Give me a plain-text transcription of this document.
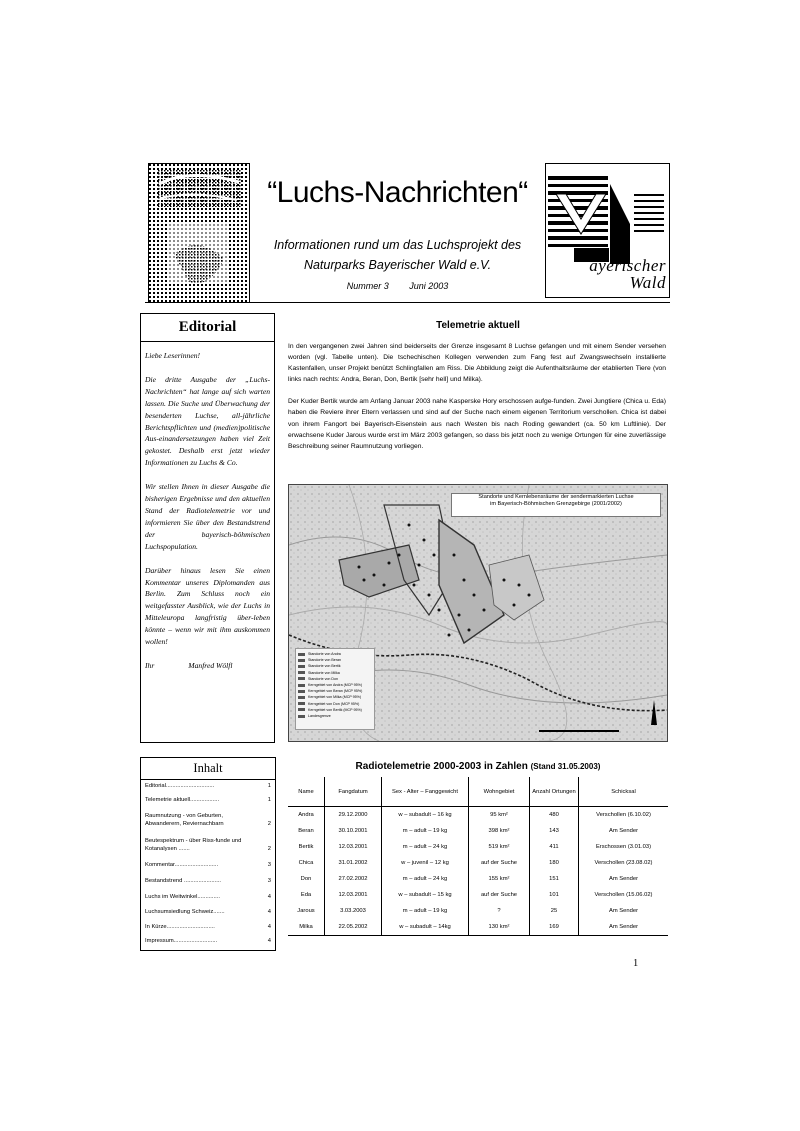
“Luchs-Nachrichten“
Informationen rund um das Luchsprojekt des
Naturparks Bayerischer Wald e.V.
Nummer 3 Juni 2003
ayerischer
Wald
Editorial

Liebe Leserinnen!

Die dritte Ausgabe der „Luchs-Nachrichten“ hat lange auf sich warten lassen. Die Suche und Überwachung der besenderten Luchse, all-jährliche Berichtspflichten und (medien)politische Aus-einandersetzungen haben viel Zeit gekostet. Deshalb erst jetzt wieder Informationen zu Luchs & Co.

Wir stellen Ihnen in dieser Ausgabe die bisherigen Ergebnisse und den aktuellen Stand der Radiotelemetrie vor und informieren Sie über den Bestandstrend der bayerisch-böhmischen Luchspopulation.

Darüber hinaus lesen Sie einen Kommentar unseres Diplomanden aus Berlin. Zum Schluss noch ein weitgefasster Ausblick, wie der Luchs in Mitteleuropa langfristig über-leben könnte – wenn wir mit ihm auskommen wollen!

Ihr	Manfred Wölfl
Telemetrie aktuell

In den vergangenen zwei Jahren sind beiderseits der Grenze insgesamt 8 Luchse gefangen und mit einem Sender versehen worden (vgl. Tabelle unten). Die tschechischen Kollegen verwenden zum Fang fest auf Zwangswechseln installierte Kastenfallen, unser Projekt benützt Schlingfallen am Riss. Die Abbildung zeigt die Aufenthaltsräume der etablierten Tiere (von links nach rechts: Andra, Beran, Don, Bertik [sehr hell] und Milka).

Der Kuder Bertik wurde am Anfang Januar 2003 nahe Kasperske Hory erschossen aufge-funden. Zwei Jungtiere (Chica u. Eda) haben die Reviere ihrer Eltern verlassen und sind auf der Suche nach einem eigenen Territorium verschollen. Chica ist dabei von ihrem Fangort bei Bayerisch-Eisenstein aus nach Westen bis nach Roding gewandert (ca. 50 km Luftlinie). Der erwachsene Kuder Jarous wurde erst im März 2003 gefangen, so dass bis jetzt noch zu wenige Ortungen für eine zuverlässige Beschreibung seiner Raumnutzung vorliegen.

Standorte und Kernlebensräume der sendermarkierten Luchse
im Bayerisch-Böhmischen Grenzgebirge (2001/2002)
Standorte von Andra
Standorte von Beran
Standorte von Bertik
Standorte von Milka
Standorte von Don
Kerngebiet von Andra (MCP 95%)
Kerngebiet von Beran (MCP 95%)
Kerngebiet von Milka (MCP 95%)
Kerngebiet von Don (MCP 95%)
Kerngebiet von Bertik (MCP 95%)
Landesgrenze
Inhalt
Editorial..............................	1
Telemetrie aktuell..................	1
Raumnutzung - von Geburten, Abwanderern, Reviernachbarn	2
Beutespektrum - über Riss-funde und Kotanalysen .......	2
Kommentar...........................	3
Bestandstrend .......................	3
Luchs im Weitwinkel..............	4
Luchsumsiedlung Schweiz.......	4
In Kürze..............................	4
Impressum...........................	4
Radiotelemetrie 2000-2003 in Zahlen (Stand 31.05.2003)
Name	Fangdatum	Sex - Alter – Fanggewicht	Wohngebiet	Anzahl Ortungen	Schicksal
Andra	29.12.2000	w – subadult – 16 kg	95 km²	480	Verschollen (6.10.02)
Beran	30.10.2001	m – adult – 19 kg	398 km²	143	Am Sender
Bertik	12.03.2001	m – adult – 24 kg	519 km²	411	Erschossen (3.01.03)
Chica	31.01.2002	w – juvenil – 12 kg	auf der Suche	180	Verschollen (23.08.02)
Don	27.02.2002	m – adult – 24 kg	155 km²	151	Am Sender
Eda	12.03.2001	w – subadult – 15 kg	auf der Suche	101	Verschollen (15.06.02)
Jarous	3.03.2003	m – adult – 19 kg	?	25	Am Sender
Milka	22.05.2002	w – subadult – 14kg	130 km²	169	Am Sender
1
